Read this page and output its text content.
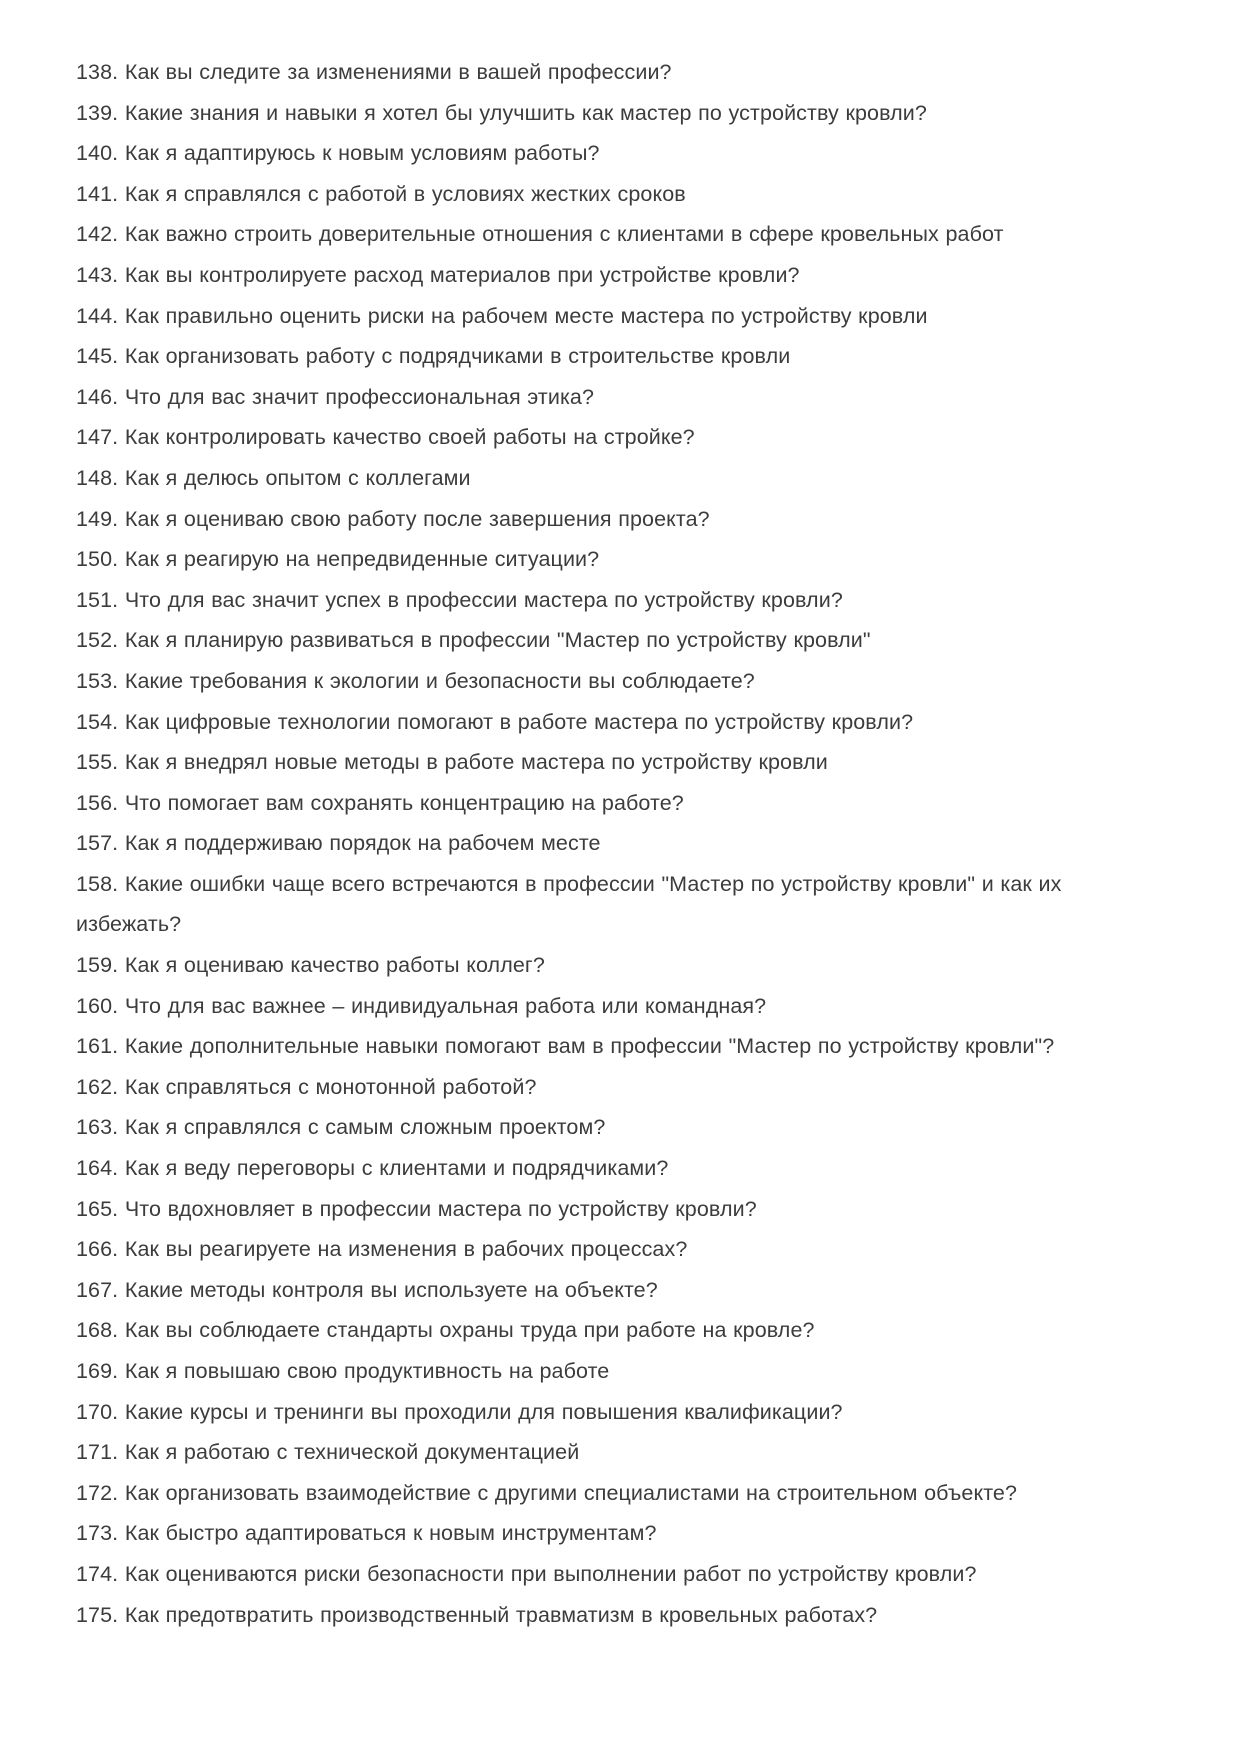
138. Как вы следите за изменениями в вашей профессии?

139. Какие знания и навыки я хотел бы улучшить как мастер по устройству кровли?

140. Как я адаптируюсь к новым условиям работы?

141. Как я справлялся с работой в условиях жестких сроков

142. Как важно строить доверительные отношения с клиентами в сфере кровельных работ

143. Как вы контролируете расход материалов при устройстве кровли?

144. Как правильно оценить риски на рабочем месте мастера по устройству кровли

145. Как организовать работу с подрядчиками в строительстве кровли

146. Что для вас значит профессиональная этика?

147. Как контролировать качество своей работы на стройке?

148. Как я делюсь опытом с коллегами

149. Как я оцениваю свою работу после завершения проекта?

150. Как я реагирую на непредвиденные ситуации?

151. Что для вас значит успех в профессии мастера по устройству кровли?

152. Как я планирую развиваться в профессии "Мастер по устройству кровли"

153. Какие требования к экологии и безопасности вы соблюдаете?

154. Как цифровые технологии помогают в работе мастера по устройству кровли?

155. Как я внедрял новые методы в работе мастера по устройству кровли

156. Что помогает вам сохранять концентрацию на работе?

157. Как я поддерживаю порядок на рабочем месте

158. Какие ошибки чаще всего встречаются в профессии "Мастер по устройству кровли" и как их избежать?

159. Как я оцениваю качество работы коллег?

160. Что для вас важнее – индивидуальная работа или командная?

161. Какие дополнительные навыки помогают вам в профессии "Мастер по устройству кровли"?

162. Как справляться с монотонной работой?

163. Как я справлялся с самым сложным проектом?

164. Как я веду переговоры с клиентами и подрядчиками?

165. Что вдохновляет в профессии мастера по устройству кровли?

166. Как вы реагируете на изменения в рабочих процессах?

167. Какие методы контроля вы используете на объекте?

168. Как вы соблюдаете стандарты охраны труда при работе на кровле?

169. Как я повышаю свою продуктивность на работе

170. Какие курсы и тренинги вы проходили для повышения квалификации?

171. Как я работаю с технической документацией

172. Как организовать взаимодействие с другими специалистами на строительном объекте?

173. Как быстро адаптироваться к новым инструментам?

174. Как оцениваются риски безопасности при выполнении работ по устройству кровли?

175. Как предотвратить производственный травматизм в кровельных работах?
